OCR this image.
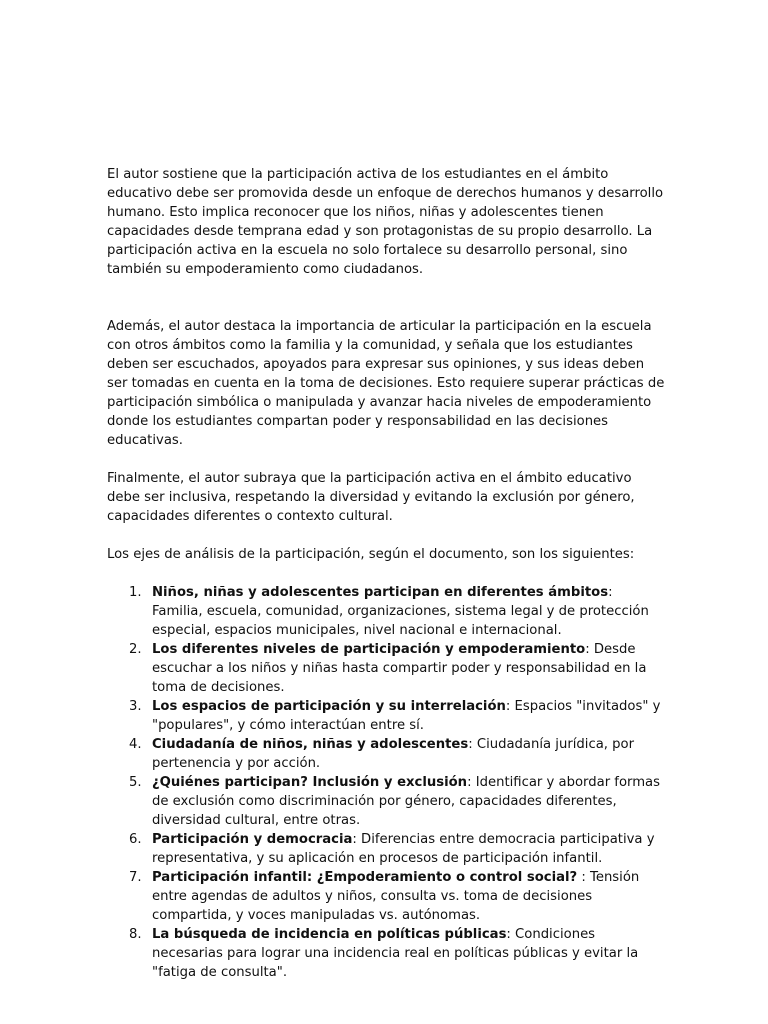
El autor sostiene que la participación activa de los estudiantes en el ámbito educativo debe ser promovida desde un enfoque de derechos humanos y desarrollo humano. Esto implica reconocer que los niños, niñas y adolescentes tienen capacidades desde temprana edad y son protagonistas de su propio desarrollo. La participación activa en la escuela no solo fortalece su desarrollo personal, sino también su empoderamiento como ciudadanos.

Además, el autor destaca la importancia de articular la participación en la escuela con otros ámbitos como la familia y la comunidad, y señala que los estudiantes deben ser escuchados, apoyados para expresar sus opiniones, y sus ideas deben ser tomadas en cuenta en la toma de decisiones. Esto requiere superar prácticas de participación simbólica o manipulada y avanzar hacia niveles de empoderamiento donde los estudiantes compartan poder y responsabilidad en las decisiones educativas.

Finalmente, el autor subraya que la participación activa en el ámbito educativo debe ser inclusiva, respetando la diversidad y evitando la exclusión por género, capacidades diferentes o contexto cultural.

Los ejes de análisis de la participación, según el documento, son los siguientes:

1. Niños, niñas y adolescentes participan en diferentes ámbitos: Familia, escuela, comunidad, organizaciones, sistema legal y de protección especial, espacios municipales, nivel nacional e internacional.
2. Los diferentes niveles de participación y empoderamiento: Desde escuchar a los niños y niñas hasta compartir poder y responsabilidad en la toma de decisiones.
3. Los espacios de participación y su interrelación: Espacios "invitados" y "populares", y cómo interactúan entre sí.
4. Ciudadanía de niños, niñas y adolescentes: Ciudadanía jurídica, por pertenencia y por acción.
5. ¿Quiénes participan? Inclusión y exclusión: Identificar y abordar formas de exclusión como discriminación por género, capacidades diferentes, diversidad cultural, entre otras.
6. Participación y democracia: Diferencias entre democracia participativa y representativa, y su aplicación en procesos de participación infantil.
7. Participación infantil: ¿Empoderamiento o control social? : Tensión entre agendas de adultos y niños, consulta vs. toma de decisiones compartida, y voces manipuladas vs. autónomas.
8. La búsqueda de incidencia en políticas públicas: Condiciones necesarias para lograr una incidencia real en políticas públicas y evitar la "fatiga de consulta".
